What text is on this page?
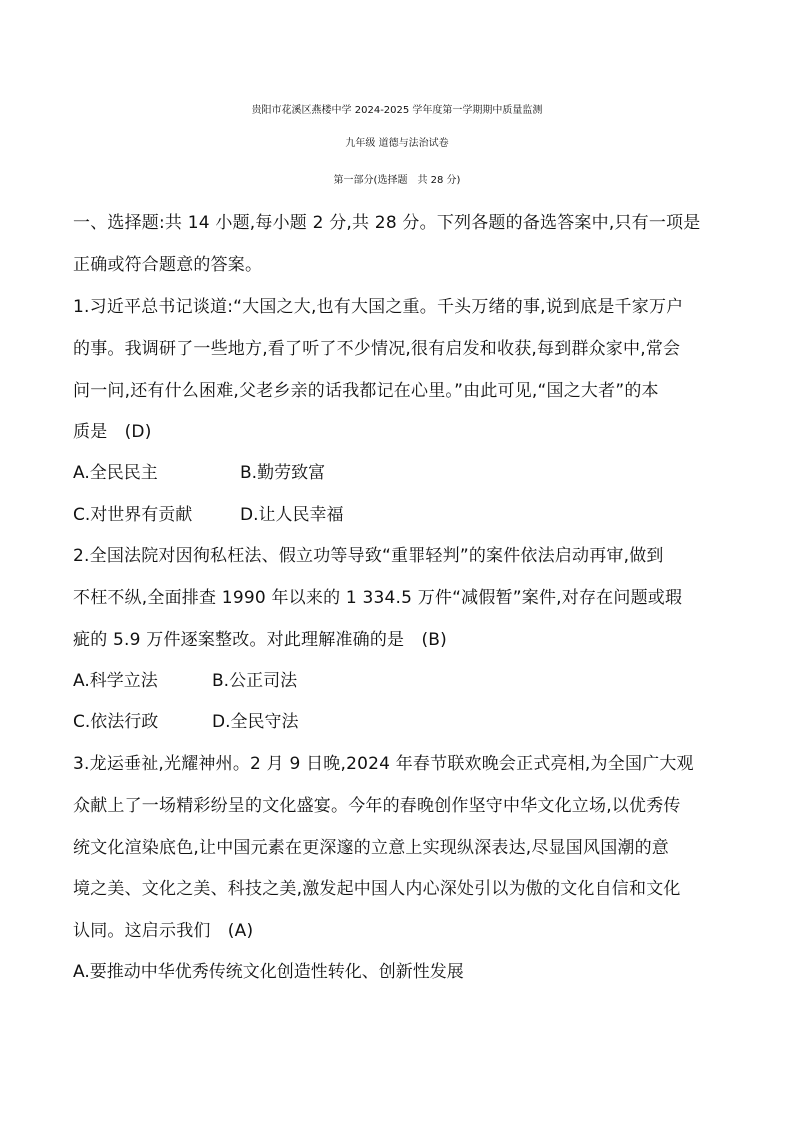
贵阳市花溪区燕楼中学 2024-2025 学年度第一学期期中质量监测
九年级 道德与法治试卷
第一部分(选择题　共 28 分)
一、选择题:共 14 小题,每小题 2 分,共 28 分。下列各题的备选答案中,只有一项是
正确或符合题意的答案。
1.习近平总书记谈道:“大国之大,也有大国之重。千头万绪的事,说到底是千家万户
的事。我调研了一些地方,看了听了不少情况,很有启发和收获,每到群众家中,常会
问一问,还有什么困难,父老乡亲的话我都记在心里。”由此可见,“国之大者”的本
质是　(D)
A.全民民主	B.勤劳致富
C.对世界有贡献	D.让人民幸福
2.全国法院对因徇私枉法、假立功等导致“重罪轻判”的案件依法启动再审,做到
不枉不纵,全面排查 1990 年以来的 1 334.5 万件“减假暂”案件,对存在问题或瑕
疵的 5.9 万件逐案整改。对此理解准确的是　(B)
A.科学立法	B.公正司法
C.依法行政	D.全民守法
3.龙运垂祉,光耀神州。2 月 9 日晚,2024 年春节联欢晚会正式亮相,为全国广大观
众献上了一场精彩纷呈的文化盛宴。今年的春晚创作坚守中华文化立场,以优秀传
统文化渲染底色,让中国元素在更深邃的立意上实现纵深表达,尽显国风国潮的意
境之美、文化之美、科技之美,激发起中国人内心深处引以为傲的文化自信和文化
认同。这启示我们　(A)
A.要推动中华优秀传统文化创造性转化、创新性发展
